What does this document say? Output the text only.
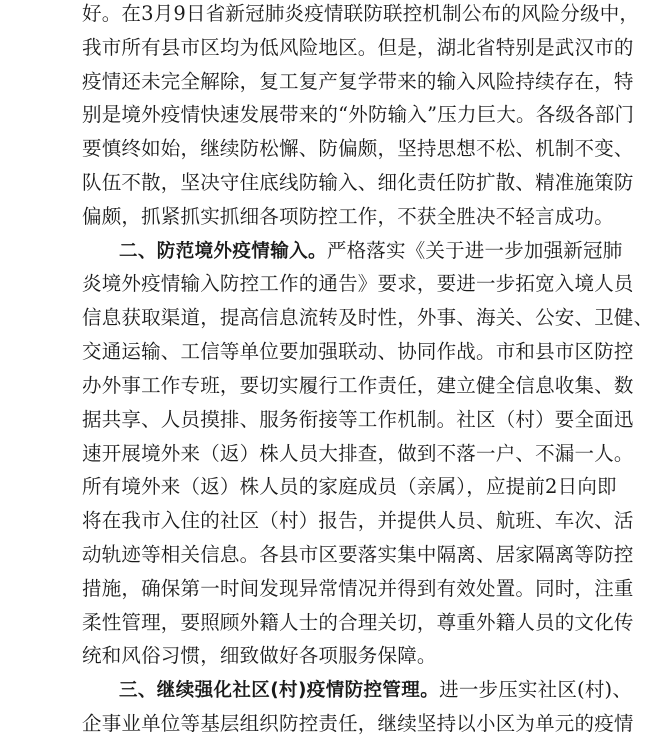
好。在3月9日省新冠肺炎疫情联防联控机制公布的风险分级中，
我市所有县市区均为低风险地区。但是，湖北省特别是武汉市的
疫情还未完全解除，复工复产复学带来的输入风险持续存在，特
别是境外疫情快速发展带来的“外防输入”压力巨大。各级各部门
要慎终如始，继续防松懈、防偏颇，坚持思想不松、机制不变、
队伍不散，坚决守住底线防输入、细化责任防扩散、精准施策防
偏颇，抓紧抓实抓细各项防控工作，不获全胜决不轻言成功。
二、防范境外疫情输入。严格落实《关于进一步加强新冠肺
炎境外疫情输入防控工作的通告》要求，要进一步拓宽入境人员
信息获取渠道，提高信息流转及时性，外事、海关、公安、卫健、
交通运输、工信等单位要加强联动、协同作战。市和县市区防控
办外事工作专班，要切实履行工作责任，建立健全信息收集、数
据共享、人员摸排、服务衔接等工作机制。社区（村）要全面迅
速开展境外来（返）株人员大排查，做到不落一户、不漏一人。
所有境外来（返）株人员的家庭成员（亲属），应提前2日向即
将在我市入住的社区（村）报告，并提供人员、航班、车次、活
动轨迹等相关信息。各县市区要落实集中隔离、居家隔离等防控
措施，确保第一时间发现异常情况并得到有效处置。同时，注重
柔性管理，要照顾外籍人士的合理关切，尊重外籍人员的文化传
统和风俗习惯，细致做好各项服务保障。
三、继续强化社区(村)疫情防控管理。进一步压实社区(村)、
企事业单位等基层组织防控责任，继续坚持以小区为单元的疫情
